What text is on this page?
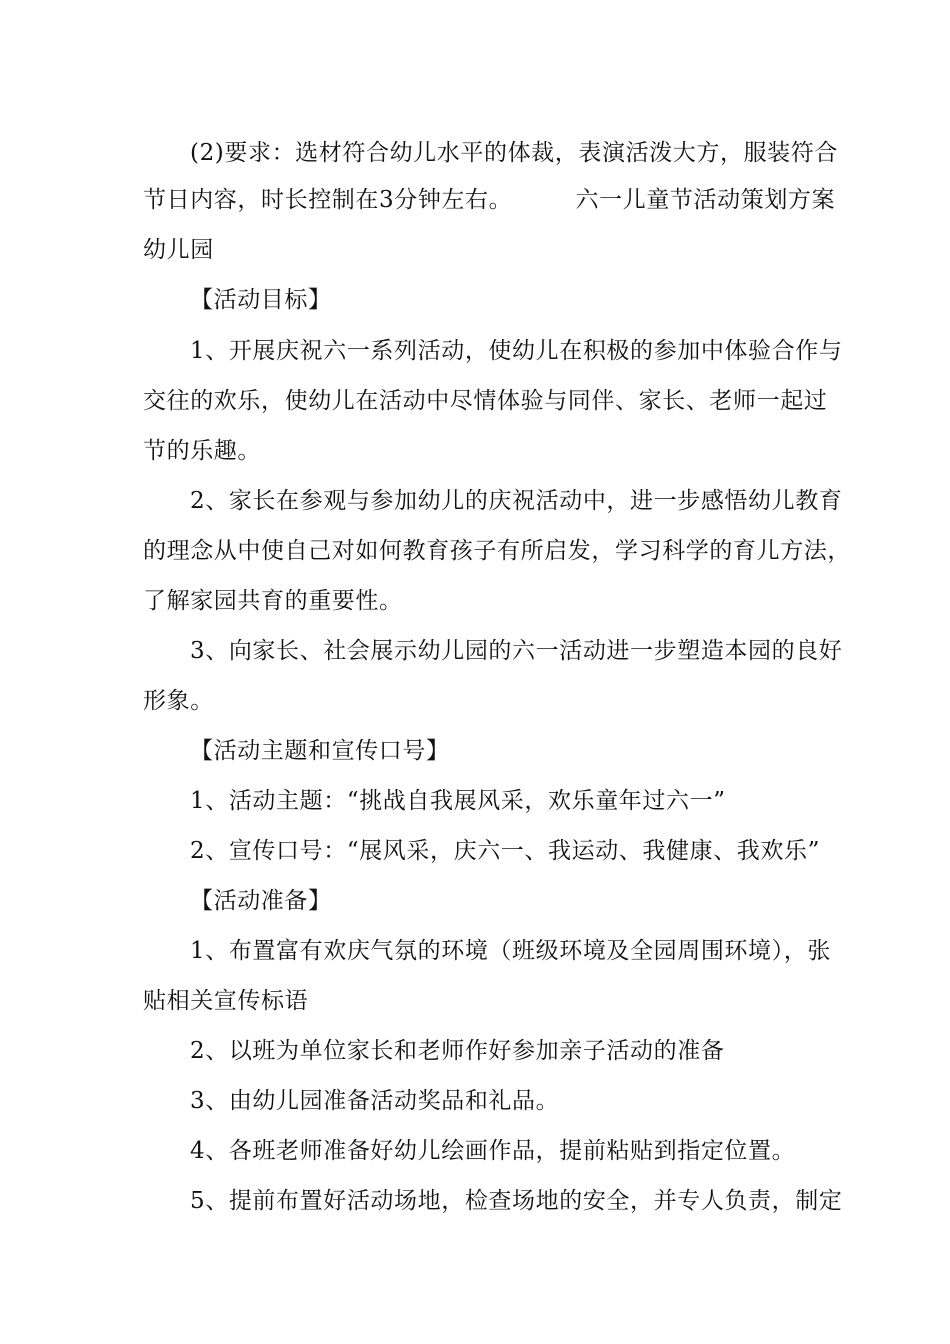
(2)要求：选材符合幼儿水平的体裁，表演活泼大方，服装符合
节日内容，时长控制在3分钟左右。        六一儿童节活动策划方案
幼儿园
【活动目标】
1、开展庆祝六一系列活动，使幼儿在积极的参加中体验合作与
交往的欢乐，使幼儿在活动中尽情体验与同伴、家长、老师一起过
节的乐趣。
2、家长在参观与参加幼儿的庆祝活动中，进一步感悟幼儿教育
的理念从中使自己对如何教育孩子有所启发，学习科学的育儿方法，
了解家园共育的重要性。
3、向家长、社会展示幼儿园的六一活动进一步塑造本园的良好
形象。
【活动主题和宣传口号】
1、活动主题：“挑战自我展风采，欢乐童年过六一”
2、宣传口号：“展风采，庆六一、我运动、我健康、我欢乐”
【活动准备】
1、布置富有欢庆气氛的环境（班级环境及全园周围环境），张
贴相关宣传标语
2、以班为单位家长和老师作好参加亲子活动的准备
3、由幼儿园准备活动奖品和礼品。
4、各班老师准备好幼儿绘画作品，提前粘贴到指定位置。
5、提前布置好活动场地，检查场地的安全，并专人负责，制定
